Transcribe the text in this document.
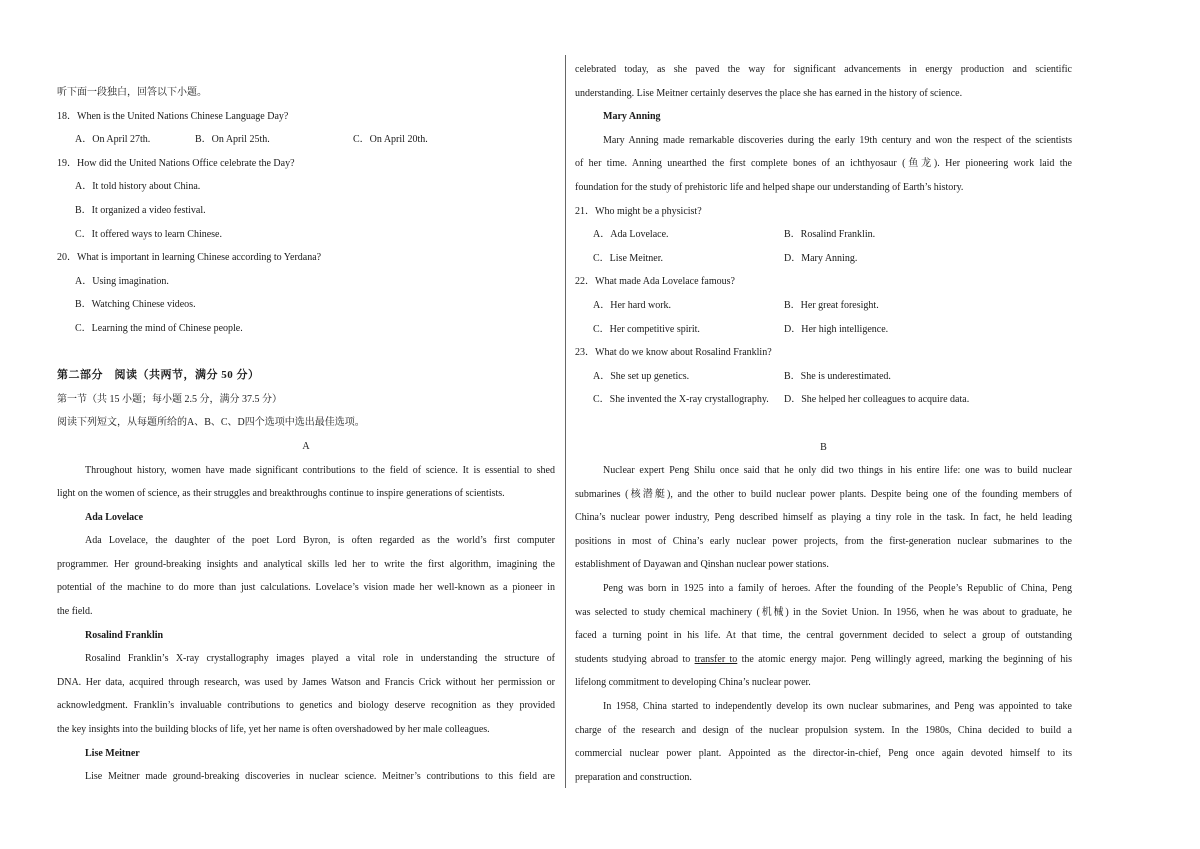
听下面一段独白，回答以下小题。
18．When is the United Nations Chinese Language Day?
A．On April 27th.	B．On April 25th.	C．On April 20th.
19．How did the United Nations Office celebrate the Day?
A．It told history about China.
B．It organized a video festival.
C．It offered ways to learn Chinese.
20．What is important in learning Chinese according to Yerdana?
A．Using imagination.
B．Watching Chinese videos.
C．Learning the mind of Chinese people.
第二部分　阅读（共两节，满分 50 分）
第一节（共 15 小题；每小题 2.5 分，满分 37.5 分）
阅读下列短文，从每题所给的A、B、C、D四个选项中选出最佳选项。
A
Throughout history, women have made significant contributions to the field of science. It is essential to shed
light on the women of science, as their struggles and breakthroughs continue to inspire generations of scientists.
Ada Lovelace
Ada Lovelace, the daughter of the poet Lord Byron, is often regarded as the world’s first computer
programmer. Her ground-breaking insights and analytical skills led her to write the first algorithm, imagining the
potential of the machine to do more than just calculations. Lovelace’s vision made her well-known as a pioneer in
the field.
Rosalind Franklin
Rosalind Franklin’s X-ray crystallography images played a vital role in understanding the structure of
DNA. Her data, acquired through research, was used by James Watson and Francis Crick without her permission or
acknowledgment. Franklin’s invaluable contributions to genetics and biology deserve recognition as they provided
the key insights into the building blocks of life, yet her name is often overshadowed by her male colleagues.
Lise Meitner
Lise Meitner made ground-breaking discoveries in nuclear science. Meitner’s contributions to this field are
celebrated today, as she paved the way for significant advancements in energy production and scientific
understanding. Lise Meitner certainly deserves the place she has earned in the history of science.
Mary Anning
Mary Anning made remarkable discoveries during the early 19th century and won the respect of the scientists
of her time. Anning unearthed the first complete bones of an ichthyosaur (鱼龙). Her pioneering work laid the
foundation for the study of prehistoric life and helped shape our understanding of Earth’s history.
21．Who might be a physicist?
A．Ada Lovelace.	B．Rosalind Franklin.
C．Lise Meitner.	D．Mary Anning.
22．What made Ada Lovelace famous?
A．Her hard work.	B．Her great foresight.
C．Her competitive spirit.	D．Her high intelligence.
23．What do we know about Rosalind Franklin?
A．She set up genetics.	B．She is underestimated.
C．She invented the X-ray crystallography.	D．She helped her colleagues to acquire data.
B
Nuclear expert Peng Shilu once said that he only did two things in his entire life: one was to build nuclear
submarines (核潜艇), and the other to build nuclear power plants. Despite being one of the founding members of
China’s nuclear power industry, Peng described himself as playing a tiny role in the task. In fact, he held leading
positions in most of China’s early nuclear power projects, from the first-generation nuclear submarines to the
establishment of Dayawan and Qinshan nuclear power stations.
Peng was born in 1925 into a family of heroes. After the founding of the People’s Republic of China, Peng
was selected to study chemical machinery (机械) in the Soviet Union. In 1956, when he was about to graduate, he
faced a turning point in his life. At that time, the central government decided to select a group of outstanding
students studying abroad to transfer to the atomic energy major. Peng willingly agreed, marking the beginning of his
lifelong commitment to developing China’s nuclear power.
In 1958, China started to independently develop its own nuclear submarines, and Peng was appointed to take
charge of the research and design of the nuclear propulsion system. In the 1980s, China decided to build a
commercial nuclear power plant. Appointed as the director-in-chief, Peng once again devoted himself to its
preparation and construction.
